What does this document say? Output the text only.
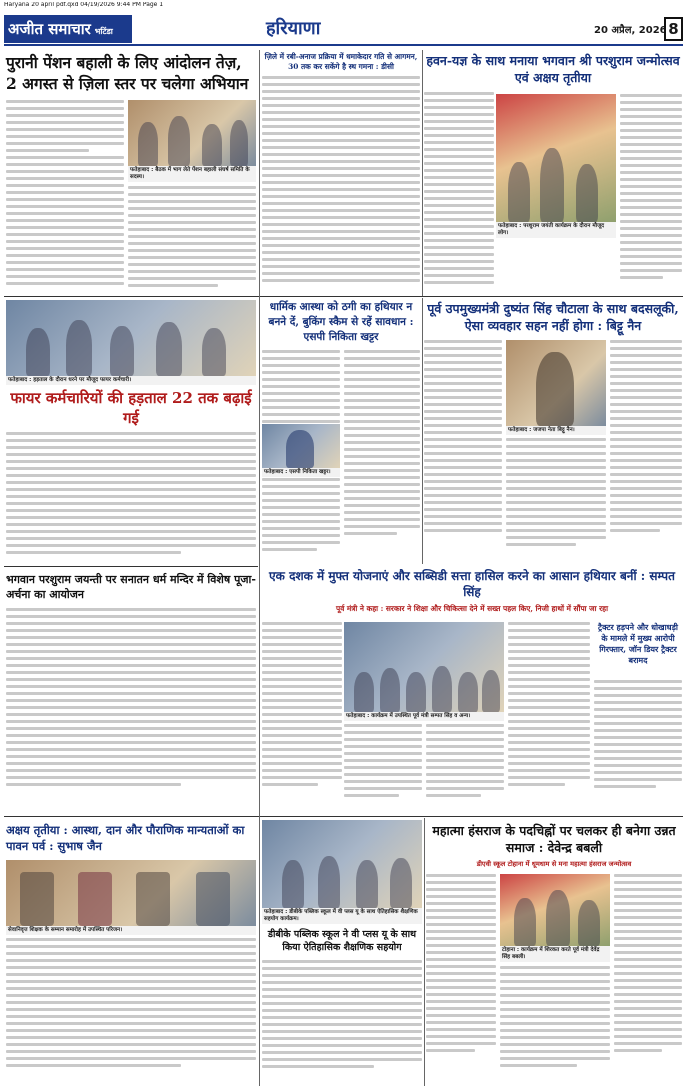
Haryana 20 april pdf.qxd 04/19/2026 9:44 PM Page 1
अजीत समाचार भटिंडा	हरियाणा	20 अप्रैल, 2026 8
पुरानी पेंशन बहाली के लिए आंदोलन तेज़, 2 अगस्त से ज़िला स्तर पर चलेगा अभियान
फतेहाबाद : बैठक में भाग लेते पेंशन बहाली संघर्ष समिति के सदस्य।
ज़िले में रबी-अनाज प्रक्रिया में धमाकेदार गति से आगमन, 30 तक कर सकेंगे है स्थ गमना : डीसी	हवन-यज्ञ के साथ मनाया भगवान श्री परशुराम जन्मोत्सव एवं अक्षय तृतीया
फतेहाबाद : परशुराम जयंती कार्यक्रम के दौरान मौजूद लोग।
फतेहाबाद : हड़ताल के दौरान धरने पर मौजूद फायर कर्मचारी।
फायर कर्मचारियों की हड़ताल 22 तक बढ़ाई गई
धार्मिक आस्था को ठगी का हथियार न बनने दें, बुकिंग स्कैम से रहें सावधान : एसपी निकिता खट्टर
फतेहाबाद : एसपी निकिता खट्टर।
पूर्व उपमुख्यमंत्री दुष्यंत सिंह चौटाला के साथ बदसलूकी, ऐसा व्यवहार सहन नहीं होगा : बिट्टू नैन
फतेहाबाद : जजपा नेता बिट्टू नैन।
भगवान परशुराम जयन्ती पर सनातन धर्म मन्दिर में विशेष पूजा-अर्चना का आयोजन
एक दशक में मुफ्त योजनाएं और सब्सिडी सत्ता हासिल करने का आसान हथियार बनीं : सम्पत सिंह
पूर्व मंत्री ने कहा : सरकार ने शिक्षा और चिकित्सा देने में सख्त पहल किए, निजी हाथों में सौंपा जा रहा
फतेहाबाद : कार्यक्रम में उपस्थित पूर्व मंत्री सम्पत सिंह व अन्य।
ट्रैक्टर हड़पने और धोखाधड़ी के मामले में मुख्य आरोपी गिरफ्तार, जॉन डियर ट्रैक्टर बरामद
अक्षय तृतीया : आस्था, दान और पौराणिक मान्यताओं का पावन पर्व : सुभाष जैन
सेवानिवृत्त शिक्षक के सम्मान समारोह में उपस्थित परिजन।
फतेहाबाद : डीबीके पब्लिक स्कूल में वी प्लस यू के साथ ऐतिहासिक शैक्षणिक सहयोग कार्यक्रम।
डीबीके पब्लिक स्कूल ने वी प्लस यू के साथ किया ऐतिहासिक शैक्षणिक सहयोग
महात्मा हंसराज के पदचिह्नों पर चलकर ही बनेगा उन्नत समाज : देवेन्द्र बबली
डीएवी स्कूल टोहाना में धूमधाम से मना महात्मा हंसराज जन्मोत्सव
टोहाना : कार्यक्रम में शिरकत करते पूर्व मंत्री देवेंद्र सिंह बबली।
